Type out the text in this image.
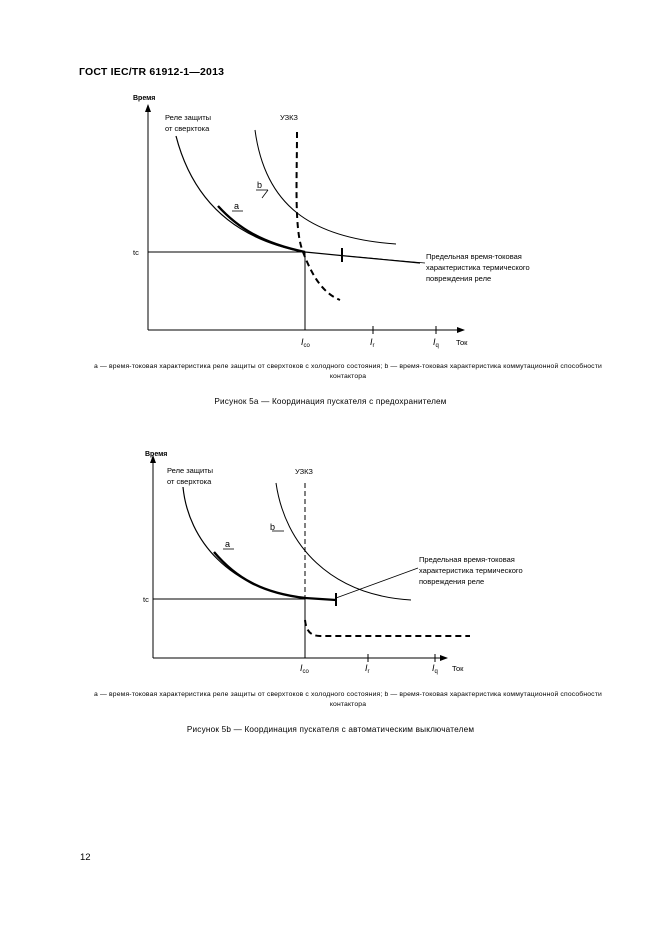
ГОСТ IEC/TR 61912-1—2013
Время
Реле защиты
от сверхтока
УЗКЗ
b
a
tc	Предельная время-токовая
характеристика термического
повреждения реле
$I_{co}$	$I_r$	$I_q$ Ток
a — время-токовая характеристика реле защиты от сверхтоков с холодного состояния; b — время-токовая характеристика коммутационной способности контактора
Рисунок 5a — Координация пускателя с предохранителем
Время
Реле защиты
от сверхтока
УЗКЗ
b
a
tc
Предельная время-токовая
характеристика термического
повреждения реле
$I_{co}$	$I_r$	$I_q$ Ток
a — время-токовая характеристика реле защиты от сверхтоков с холодного состояния; b — время-токовая характеристика коммутационной способности контактора
Рисунок 5b — Координация пускателя с автоматическим выключателем
12
